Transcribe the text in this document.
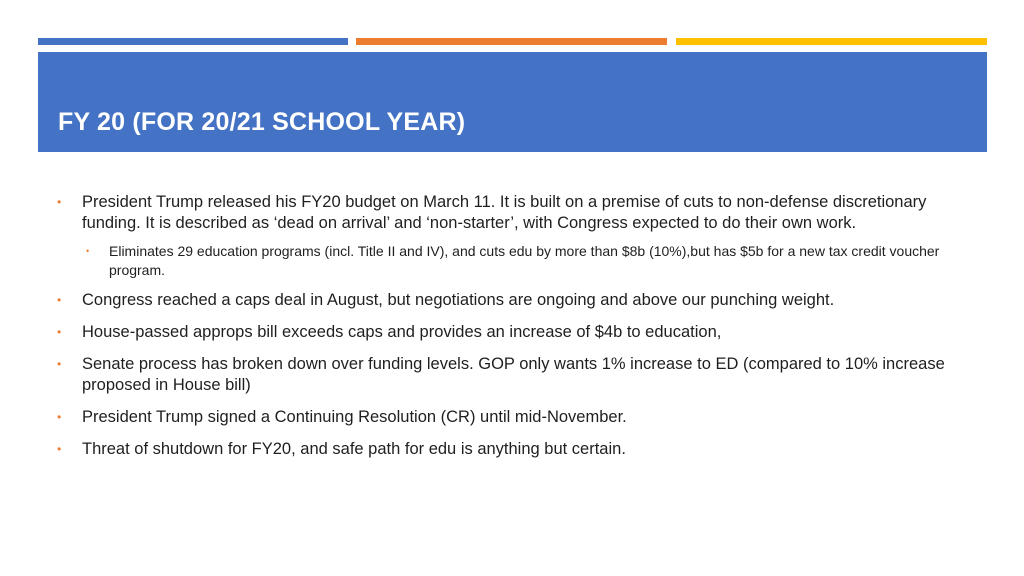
FY 20 (FOR 20/21 SCHOOL YEAR)
• President Trump released his FY20 budget on March 11. It is built on a premise of cuts to non-defense discretionary funding. It is described as ‘dead on arrival’ and ‘non-starter’, with Congress expected to do their own work.
• Eliminates 29 education programs (incl. Title II and IV), and cuts edu by more than $8b (10%),but has $5b for a new tax credit voucher program.
• Congress reached a caps deal in August, but negotiations are ongoing and above our punching weight.
• House-passed approps bill exceeds caps and provides an increase of $4b to education,
• Senate process has broken down over funding levels. GOP only wants 1% increase to ED (compared to 10% increase proposed in House bill)
• President Trump signed a Continuing Resolution (CR) until mid-November.
• Threat of shutdown for FY20, and safe path for edu is anything but certain.
